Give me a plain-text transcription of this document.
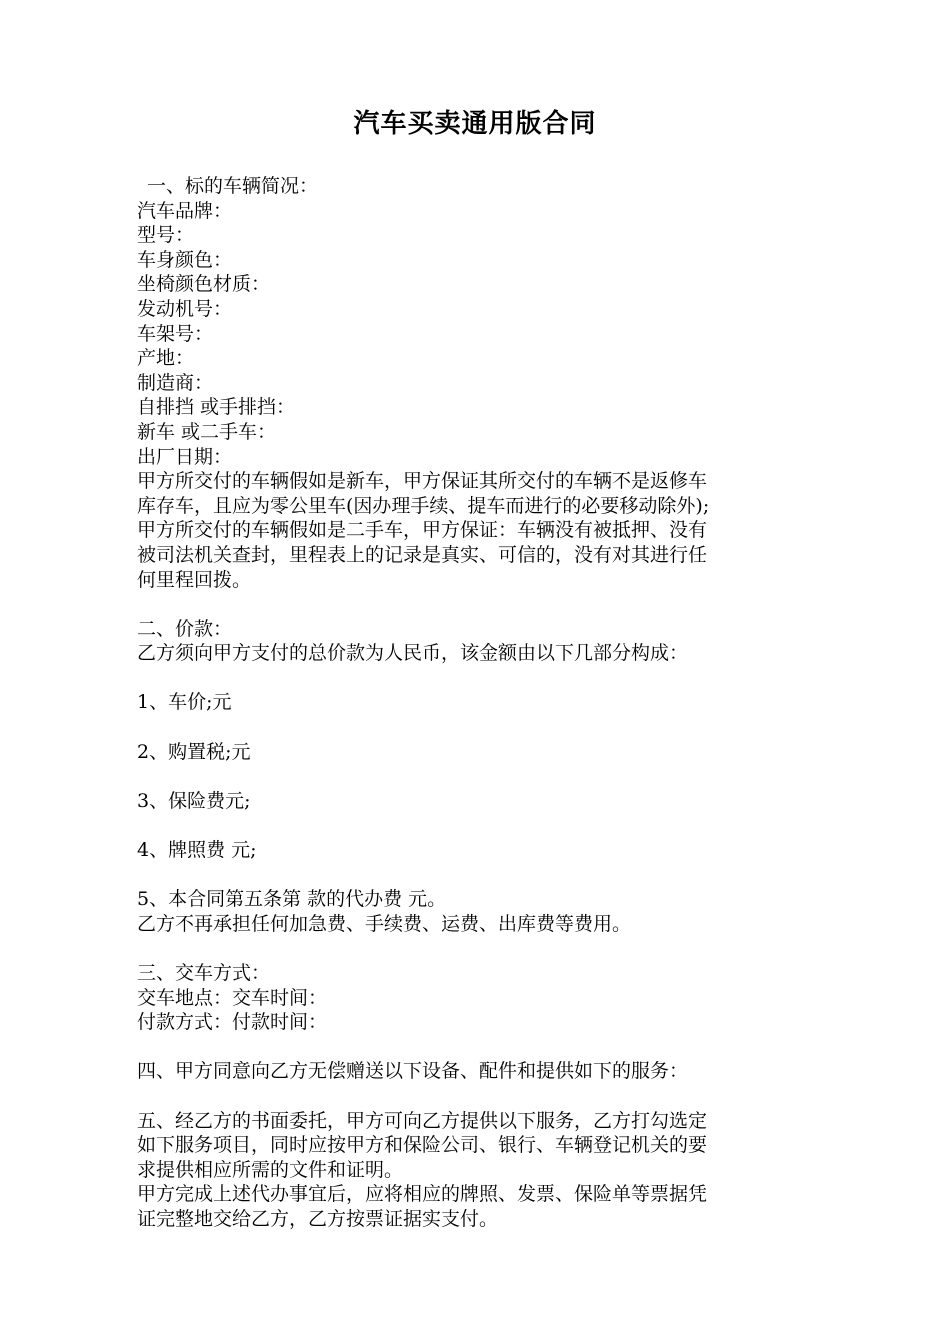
汽车买卖通用版合同
一、标的车辆简况：
汽车品牌：
型号：
车身颜色：
坐椅颜色材质：
发动机号：
车架号：
产地：
制造商：
自排挡 或手排挡：
新车 或二手车：
出厂日期：
甲方所交付的车辆假如是新车，甲方保证其所交付的车辆不是返修车
库存车，且应为零公里车(因办理手续、提车而进行的必要移动除外);
甲方所交付的车辆假如是二手车，甲方保证：车辆没有被抵押、没有
被司法机关查封，里程表上的记录是真实、可信的，没有对其进行任
何里程回拨。
二、价款：
乙方须向甲方支付的总价款为人民币，该金额由以下几部分构成：
1、车价;元
2、购置税;元
3、保险费元;
4、牌照费 元;
5、本合同第五条第 款的代办费 元。
乙方不再承担任何加急费、手续费、运费、出库费等费用。
三、交车方式：
交车地点：交车时间：
付款方式：付款时间：
四、甲方同意向乙方无偿赠送以下设备、配件和提供如下的服务：
五、经乙方的书面委托，甲方可向乙方提供以下服务，乙方打勾选定
如下服务项目，同时应按甲方和保险公司、银行、车辆登记机关的要
求提供相应所需的文件和证明。
甲方完成上述代办事宜后，应将相应的牌照、发票、保险单等票据凭
证完整地交给乙方，乙方按票证据实支付。
